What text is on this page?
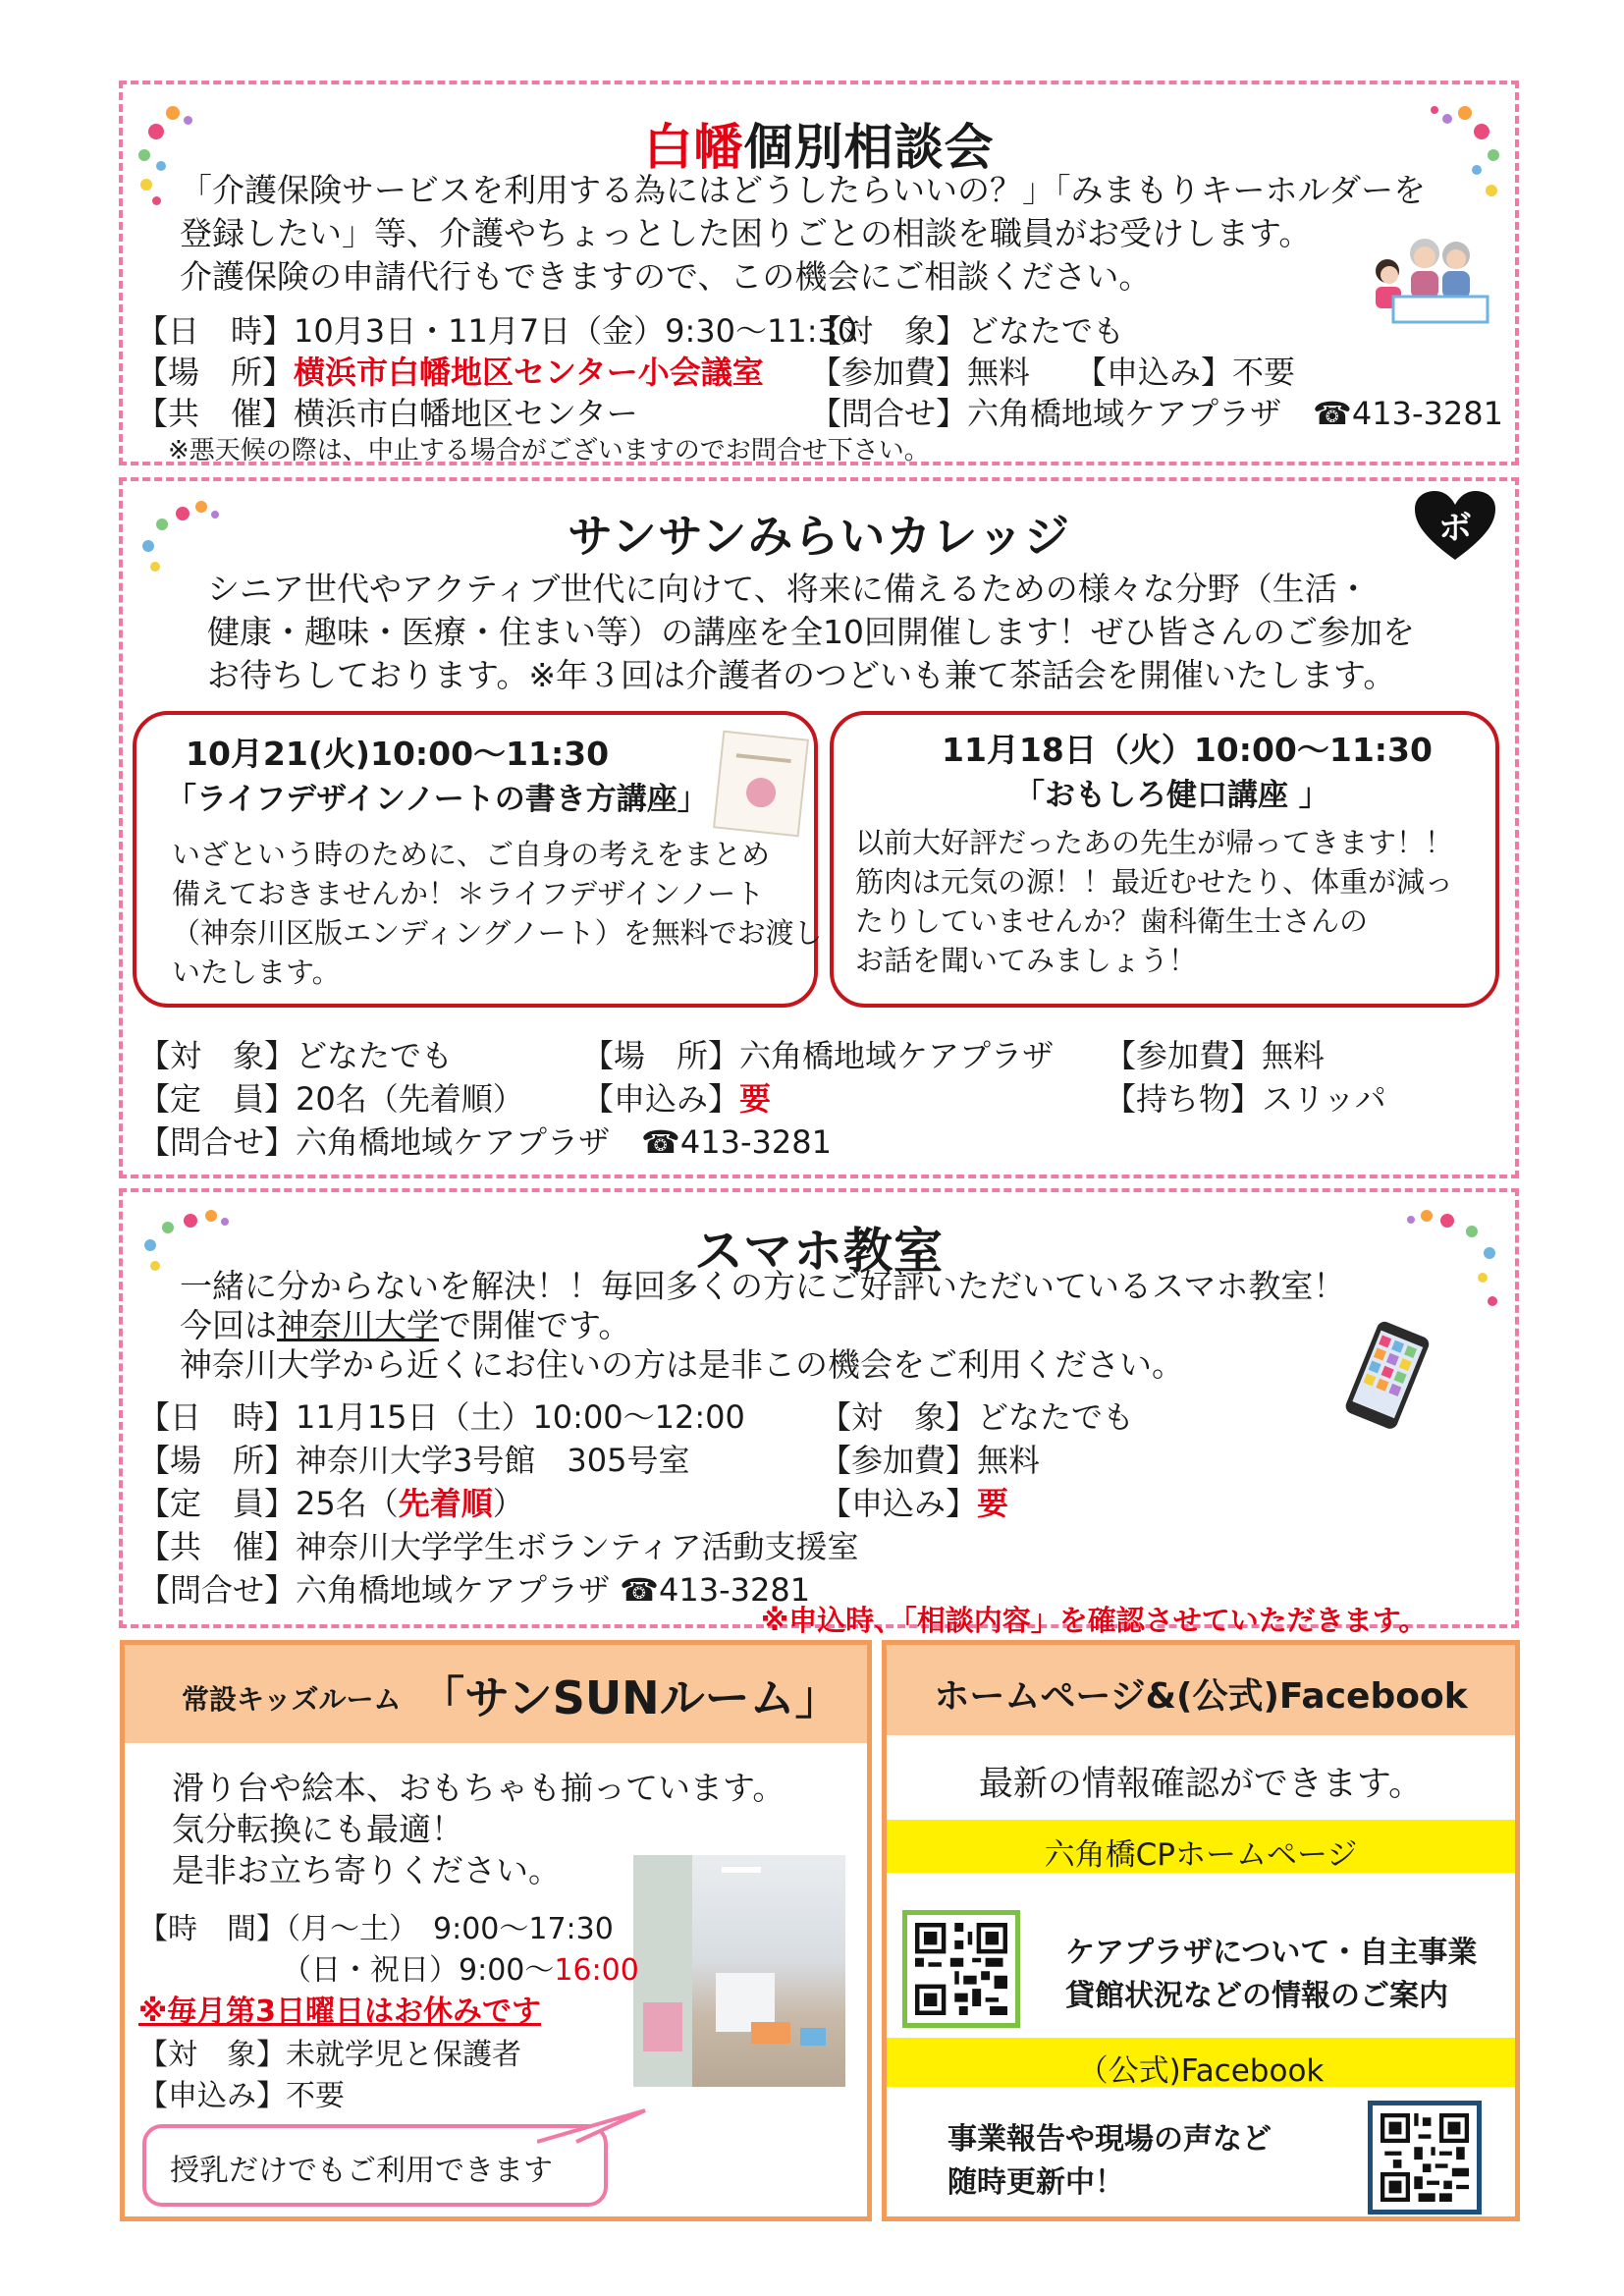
白幡個別相談会
「介護保険サービスを利用する為にはどうしたらいいの？」「みまもりキーホルダーを
登録したい」等、介護やちょっとした困りごとの相談を職員がお受けします。
介護保険の申請代行もできますので、この機会にご相談ください。
【日　時】10月3日・11月7日（金）9:30～11:30
【対　象】どなたでも
【場　所】横浜市白幡地区センター小会議室 【参加費】無料 【申込み】不要
【共　催】横浜市白幡地区センター	【問合せ】六角橋地域ケアプラザ　☎413-3281
※悪天候の際は、中止する場合がございますのでお問合せ下さい。
サンサンみらいカレッジ	ボ
シニア世代やアクティブ世代に向けて、将来に備えるための様々な分野（生活・
健康・趣味・医療・住まい等）の講座を全10回開催します！ぜひ皆さんのご参加を
お待ちしております。※年３回は介護者のつどいも兼て茶話会を開催いたします。
10月21(火)10:00～11:30
「ライフデザインノートの書き方講座」
いざという時のために、ご自身の考えをまとめ
備えておきませんか！＊ライフデザインノート
（神奈川区版エンディングノート）を無料でお渡し
いたします。
11月18日（火）10:00～11:30
「おもしろ健口講座 」
以前大好評だったあの先生が帰ってきます！！
筋肉は元気の源！！最近むせたり、体重が減っ
たりしていませんか？歯科衛生士さんの
お話を聞いてみましょう！
【対　象】どなたでも	【場　所】六角橋地域ケアプラザ 【参加費】無料
【定　員】20名（先着順） 【申込み】要	【持ち物】スリッパ
【問合せ】六角橋地域ケアプラザ　☎413-3281
スマホ教室
一緒に分からないを解決！！毎回多くの方にご好評いただいているスマホ教室！
今回は神奈川大学で開催です。
神奈川大学から近くにお住いの方は是非この機会をご利用ください。
【日　時】11月15日（土）10:00～12:00 【対　象】どなたでも
【場　所】神奈川大学3号館　305号室	【参加費】無料
【定　員】25名（先着順）	【申込み】要
【共　催】神奈川大学学生ボランティア活動支援室
【問合せ】六角橋地域ケアプラザ ☎413-3281
※申込時、「相談内容」を確認させていただきます。
常設キッズルーム 「サンSUNルーム」
滑り台や絵本、おもちゃも揃っています。
気分転換にも最適！
是非お立ち寄りください。
【時　間】（月～土）　9:00～17:30
（日・祝日）9:00～16:00
※毎月第3日曜日はお休みです
【対　象】未就学児と保護者
【申込み】不要
授乳だけでもご利用できます
ホームページ&(公式)Facebook
最新の情報確認ができます。
六角橋CPホームページ
ケアプラザについて・自主事業
貸館状況などの情報のご案内
（公式)Facebook
事業報告や現場の声など
随時更新中！
